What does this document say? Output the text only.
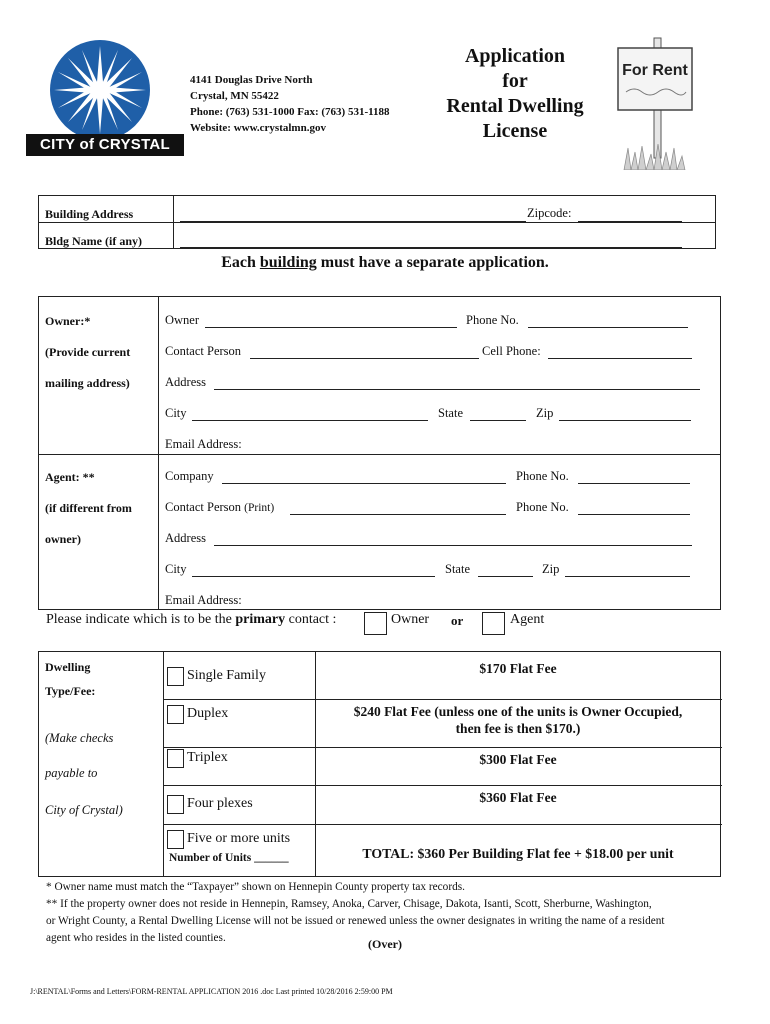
CITY of CRYSTAL
4141 Douglas Drive North
Crystal, MN 55422
Phone: (763) 531-1000 Fax: (763) 531-1188
Website: www.crystalmn.gov
Application
for
Rental Dwelling
License
For Rent
Building Address	Zipcode:
Bldg Name (if any)
Each building must have a separate application.
Owner:*
(Provide current
mailing address)
Owner	Phone No.
Contact Person	Cell Phone:
Address
City	State	Zip
Email Address:
Agent: **
(if different from
owner)
Company	Phone No.
Contact Person (Print)	Phone No.
Address
City	State	Zip
Email Address:
Please indicate which is to be the primary contact :	Owner or	Agent
Dwelling
Type/Fee:
(Make checks
payable to
City of Crystal)
Single Family	$170 Flat Fee
Duplex	$240 Flat Fee (unless one of the units is Owner Occupied,
then fee is then $170.)
Triplex	$300 Flat Fee
Four plexes	$360 Flat Fee
Five or more units
Number of Units ______	TOTAL: $360 Per Building Flat fee + $18.00 per unit
* Owner name must match the “Taxpayer” shown on Hennepin County property tax records.
** If the property owner does not reside in Hennepin, Ramsey, Anoka, Carver, Chisage, Dakota, Isanti, Scott, Sherburne, Washington,
or Wright County, a Rental Dwelling License will not be issued or renewed unless the owner designates in writing the name of a resident
agent who resides in the listed counties.	(Over)
J:\RENTAL\Forms and Letters\FORM-RENTAL APPLICATION 2016 .doc Last printed 10/28/2016 2:59:00 PM
